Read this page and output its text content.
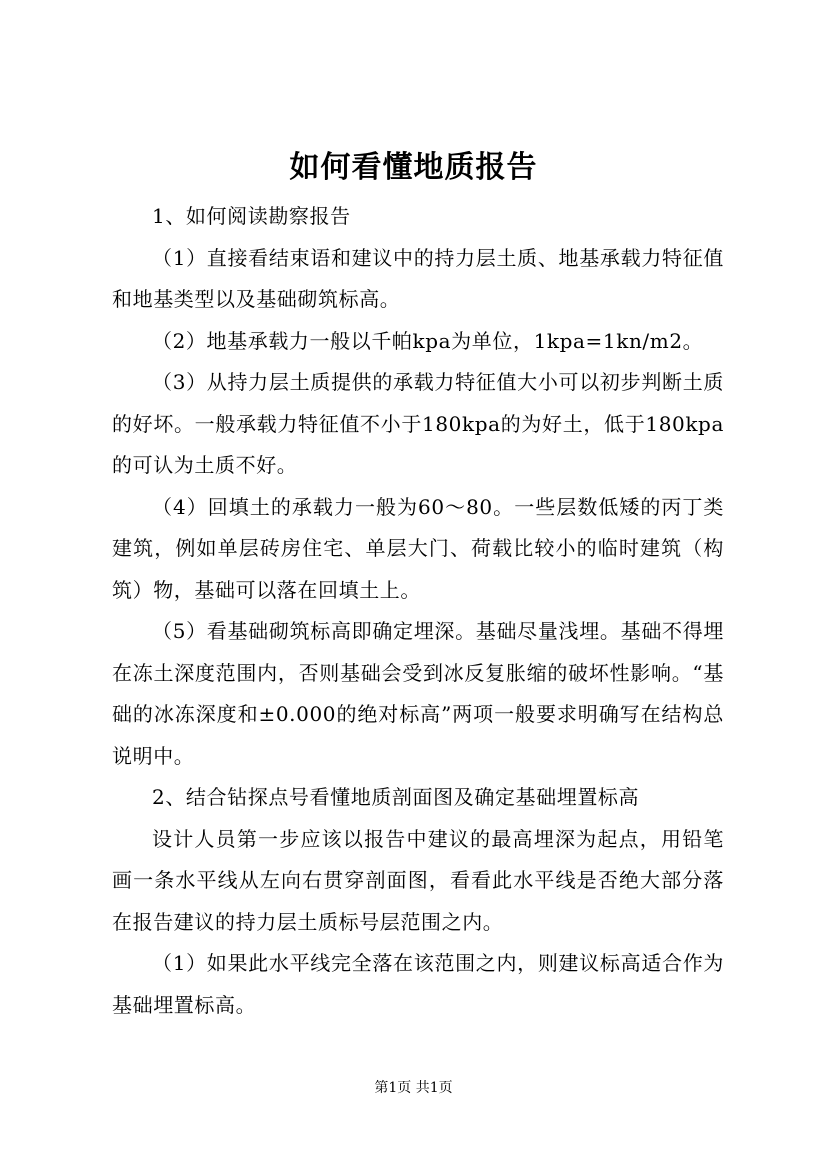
如何看懂地质报告

1、如何阅读勘察报告

（1）直接看结束语和建议中的持力层土质、地基承载力特征值和地基类型以及基础砌筑标高。

（2）地基承载力一般以千帕kpa为单位，1kpa=1kn/m2。

（3）从持力层土质提供的承载力特征值大小可以初步判断土质的好坏。一般承载力特征值不小于180kpa的为好土，低于180kpa的可认为土质不好。

（4）回填土的承载力一般为60～80。一些层数低矮的丙丁类建筑，例如单层砖房住宅、单层大门、荷载比较小的临时建筑（构筑）物，基础可以落在回填土上。

（5）看基础砌筑标高即确定埋深。基础尽量浅埋。基础不得埋在冻土深度范围内，否则基础会受到冰反复胀缩的破坏性影响。“基础的冰冻深度和±0.000的绝对标高”两项一般要求明确写在结构总说明中。

2、结合钻探点号看懂地质剖面图及确定基础埋置标高

设计人员第一步应该以报告中建议的最高埋深为起点，用铅笔画一条水平线从左向右贯穿剖面图，看看此水平线是否绝大部分落在报告建议的持力层土质标号层范围之内。

（1）如果此水平线完全落在该范围之内，则建议标高适合作为基础埋置标高。

第1页 共1页
